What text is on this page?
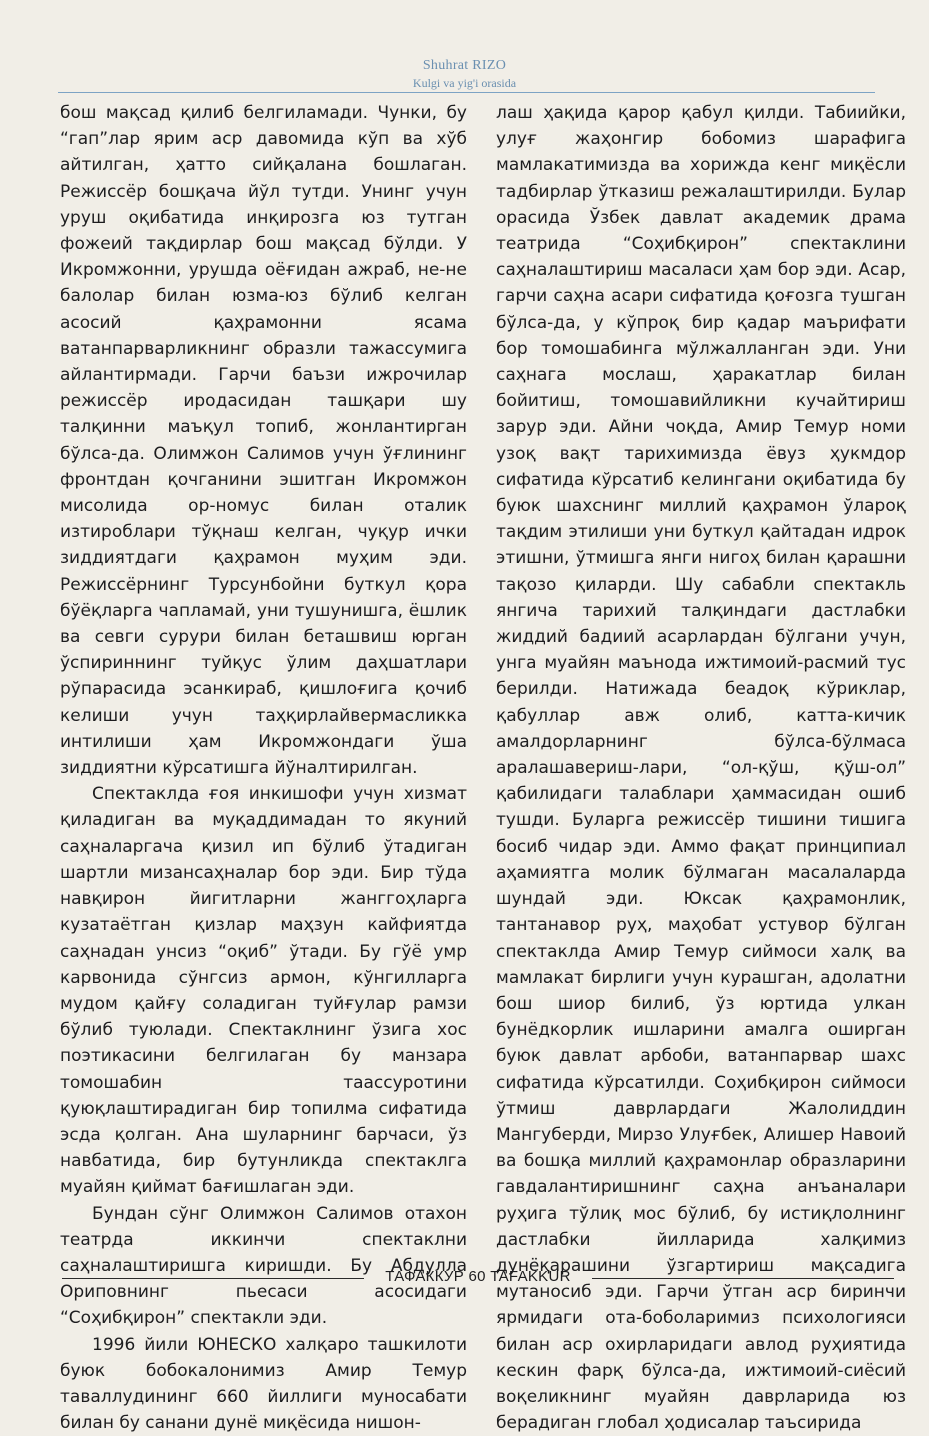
Shuhrat RIZO
Kulgi va yig'i orasida

бош мақсад қилиб белгиламади. Чунки, бу “гап”лар ярим аср давомида кўп ва хўб айтилган, ҳатто сийқалана бошлаган. Режиссёр бошқача йўл тутди. Унинг учун уруш оқибатида инқирозга юз тутган фожеий тақдирлар бош мақсад бўлди. У Икромжонни, урушда оёғидан ажраб, не-не балолар билан юзма-юз бўлиб келган асосий қаҳрамонни ясама ватанпарварликнинг образли тажассумига айлантирмади. Гарчи баъзи ижрочилар режиссёр иродасидан ташқари шу талқинни маъқул топиб, жонлантирган бўлса-да. Олимжон Салимов учун ўғлининг фронтдан қочганини эшитган Икромжон мисолида ор-номус билан оталик изтироблари тўқнаш келган, чуқур ички зиддиятдаги қаҳрамон муҳим эди. Режиссёрнинг Турсунбойни буткул қора бўёқларга чапламай, уни тушунишга, ёшлик ва севги сурури билан беташвиш юрган ўспириннинг туйқус ўлим даҳшатлари рўпарасида эсанкираб, қишлоғига қочиб келиши учун таҳқирлайвермасликка интилиши ҳам Икромжондаги ўша зиддиятни кўрсатишга йўналтирилган.

Спектаклда ғоя инкишофи учун хизмат қиладиган ва муқаддимадан то якуний саҳналаргача қизил ип бўлиб ўтадиган шартли мизансаҳналар бор эди. Бир тўда навқирон йигитларни жанггоҳларга кузатаётган қизлар маҳзун кайфиятда саҳнадан унсиз “оқиб” ўтади. Бу гўё умр карвонида сўнгсиз армон, кўнгилларга мудом қайғу соладиган туйғулар рамзи бўлиб туюлади. Спектаклнинг ўзига хос поэтикасини белгилаган бу манзара томошабин таассуротини қуюқлаштирадиган бир топилма сифатида эсда қолган. Ана шуларнинг барчаси, ўз навбатида, бир бутунликда спектаклга муайян қиймат бағишлаган эди.

Бундан сўнг Олимжон Салимов отахон театрда иккинчи спектаклни саҳналаштиришга киришди. Бу Абдулла Ориповнинг пьесаси асосидаги “Соҳибқирон” спектакли эди.

1996 йили ЮНЕСКО халқаро ташкилоти буюк бобокалонимиз Амир Темур таваллудининг 660 йиллиги муносабати билан бу санани дунё миқёсида нишон-

лаш ҳақида қарор қабул қилди. Табиийки, улуғ жаҳонгир бобомиз шарафига мамлакатимизда ва хорижда кенг миқёсли тадбирлар ўтказиш режалаштирилди. Булар орасида Ўзбек давлат академик драма театрида “Соҳибқирон” спектаклини саҳналаштириш масаласи ҳам бор эди. Асар, гарчи саҳна асари сифатида қоғозга тушган бўлса-да, у кўпроқ бир қадар маърифати бор томошабинга мўлжалланган эди. Уни саҳнага мослаш, ҳаракатлар билан бойитиш, томошавийликни кучайтириш зарур эди. Айни чоқда, Амир Темур номи узоқ вақт тарихимизда ёвуз ҳукмдор сифатида кўрсатиб келингани оқибатида бу буюк шахснинг миллий қаҳрамон ўлароқ тақдим этилиши уни буткул қайтадан идрок этишни, ўтмишга янги нигоҳ билан қарашни тақозо қиларди. Шу сабабли спектакль янгича тарихий талқиндаги дастлабки жиддий бадиий асарлардан бўлгани учун, унга муайян маънода ижтимоий-расмий тус берилди. Натижада беадоқ кўриклар, қабуллар авж олиб, катта-кичик амалдорларнинг бўлса-бўлмаса аралашавериш-лари, “ол-қўш, қўш-ол” қабилидаги талаблари ҳаммасидан ошиб тушди. Буларга режиссёр тишини тишига босиб чидар эди. Аммо фақат принципиал аҳамиятга молик бўлмаган масалаларда шундай эди. Юксак қаҳрамонлик, тантанавор руҳ, маҳобат устувор бўлган спектаклда Амир Темур сиймоси халқ ва мамлакат бирлиги учун курашган, адолатни бош шиор билиб, ўз юртида улкан бунёдкорлик ишларини амалга оширган буюк давлат арбоби, ватанпарвар шахс сифатида кўрсатилди. Соҳибқирон сиймоси ўтмиш даврлардаги Жалолиддин Мангуберди, Мирзо Улуғбек, Алишер Навоий ва бошқа миллий қаҳрамонлар образларини гавдалантиришнинг саҳна анъаналари руҳига тўлиқ мос бўлиб, бу истиқлолнинг дастлабки йилларида халқимиз дунёқарашини ўзгартириш мақсадига мутаносиб эди. Гарчи ўтган аср биринчи ярмидаги ота-боболаримиз психологияси билан аср охирларидаги авлод руҳиятида кескин фарқ бўлса-да, ижтимоий-сиёсий воқеликнинг муайян даврларида юз берадиган глобал ҳодисалар таъсирида

ТАФАККУР 60 TAFAKKUR
